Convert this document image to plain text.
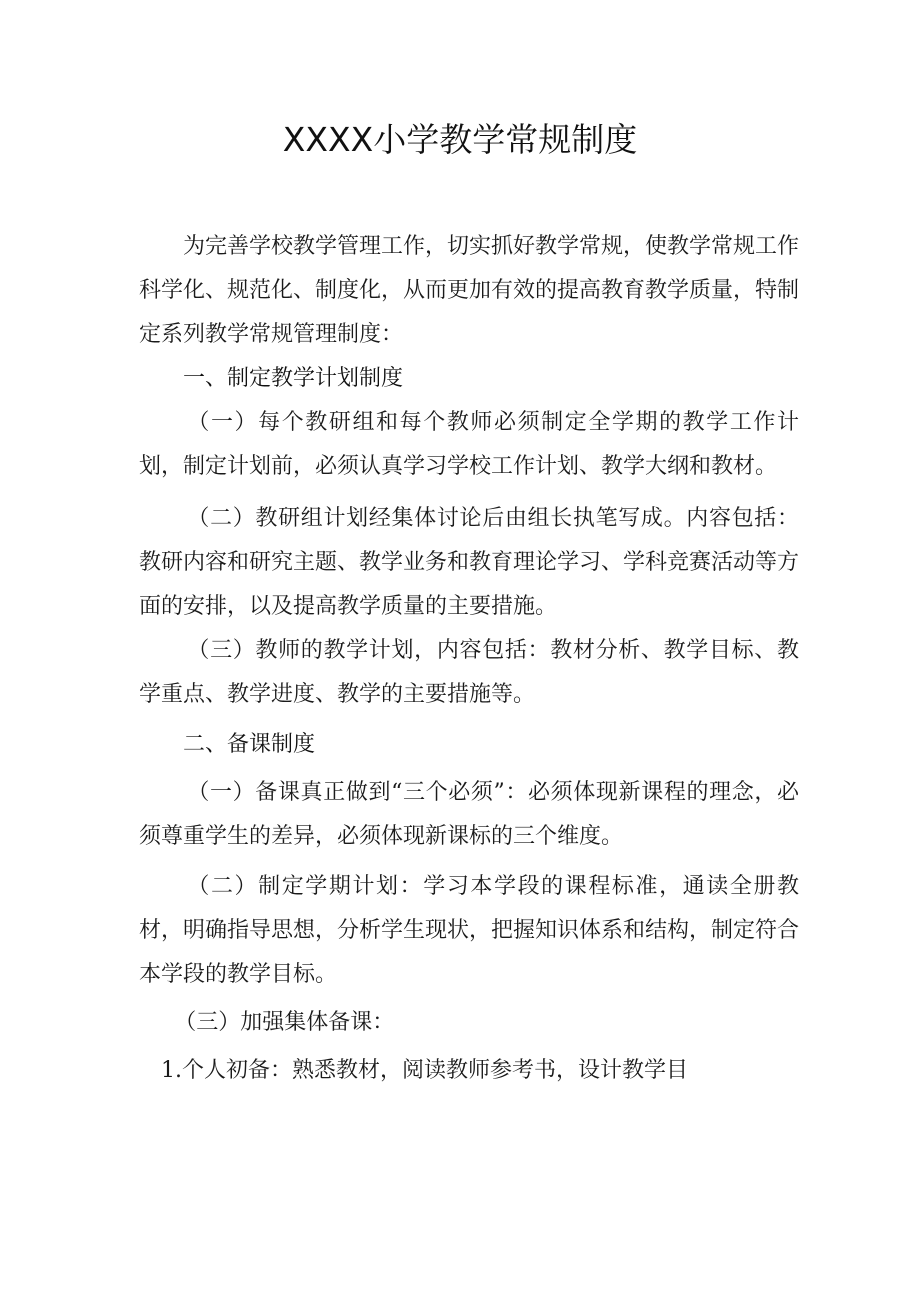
XXXX小学教学常规制度

为完善学校教学管理工作，切实抓好教学常规，使教学常规工作科学化、规范化、制度化，从而更加有效的提高教育教学质量，特制定系列教学常规管理制度：

一、制定教学计划制度

（一）每个教研组和每个教师必须制定全学期的教学工作计划，制定计划前，必须认真学习学校工作计划、教学大纲和教材。

（二）教研组计划经集体讨论后由组长执笔写成。内容包括：教研内容和研究主题、教学业务和教育理论学习、学科竞赛活动等方面的安排，以及提高教学质量的主要措施。

（三）教师的教学计划，内容包括：教材分析、教学目标、教学重点、教学进度、教学的主要措施等。

二、备课制度

（一）备课真正做到“三个必须”：必须体现新课程的理念，必须尊重学生的差异，必须体现新课标的三个维度。

（二）制定学期计划：学习本学段的课程标准，通读全册教材，明确指导思想，分析学生现状，把握知识体系和结构，制定符合本学段的教学目标。

（三）加强集体备课：

1.个人初备：熟悉教材，阅读教师参考书，设计教学目
